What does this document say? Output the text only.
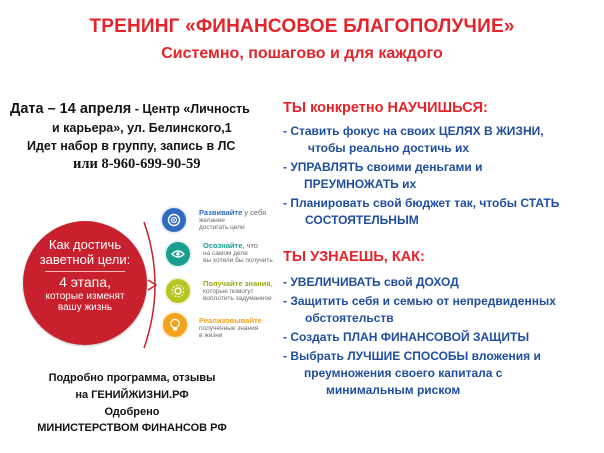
ТРЕНИНГ «ФИНАНСОВОЕ БЛАГОПОЛУЧИЕ»
Системно, пошагово и для каждого
Дата – 14 апреля - Центр «Личность
и карьера», ул. Белинского,1
Идет набор в группу, запись в ЛС
или 8-960-699-90-59
ТЫ конкретно НАУЧИШЬСЯ:
- Ставить фокус на своих ЦЕЛЯХ В ЖИЗНИ,
чтобы реально достичь их
- УПРАВЛЯТЬ своими деньгами и
ПРЕУМНОЖАТЬ их
- Планировать свой бюджет так, чтобы СТАТЬ
СОСТОЯТЕЛЬНЫМ
ТЫ УЗНАЕШЬ, КАК:
- УВЕЛИЧИВАТЬ свой ДОХОД
- Защитить себя и семью от непредвиденных
обстоятельств
- Создать ПЛАН ФИНАНСОВОЙ ЗАЩИТЫ
- Выбрать ЛУЧШИЕ СПОСОБЫ вложения и
преумножения своего капитала с
минимальным риском
Как достичь
заветной цели:
4 этапа,
которые изменят
вашу жизнь
Развивайте у себя
желание
достигать цели
Осознайте, что
на самом деле
вы хотели бы получить
Получайте знания,
которые помогут
воплотить задуманное
Реализовывайте
полученные знания
в жизни
Подробно программа, отзывы
на ГЕНИЙЖИЗНИ.РФ
Одобрено
МИНИСТЕРСТВОМ ФИНАНСОВ РФ
